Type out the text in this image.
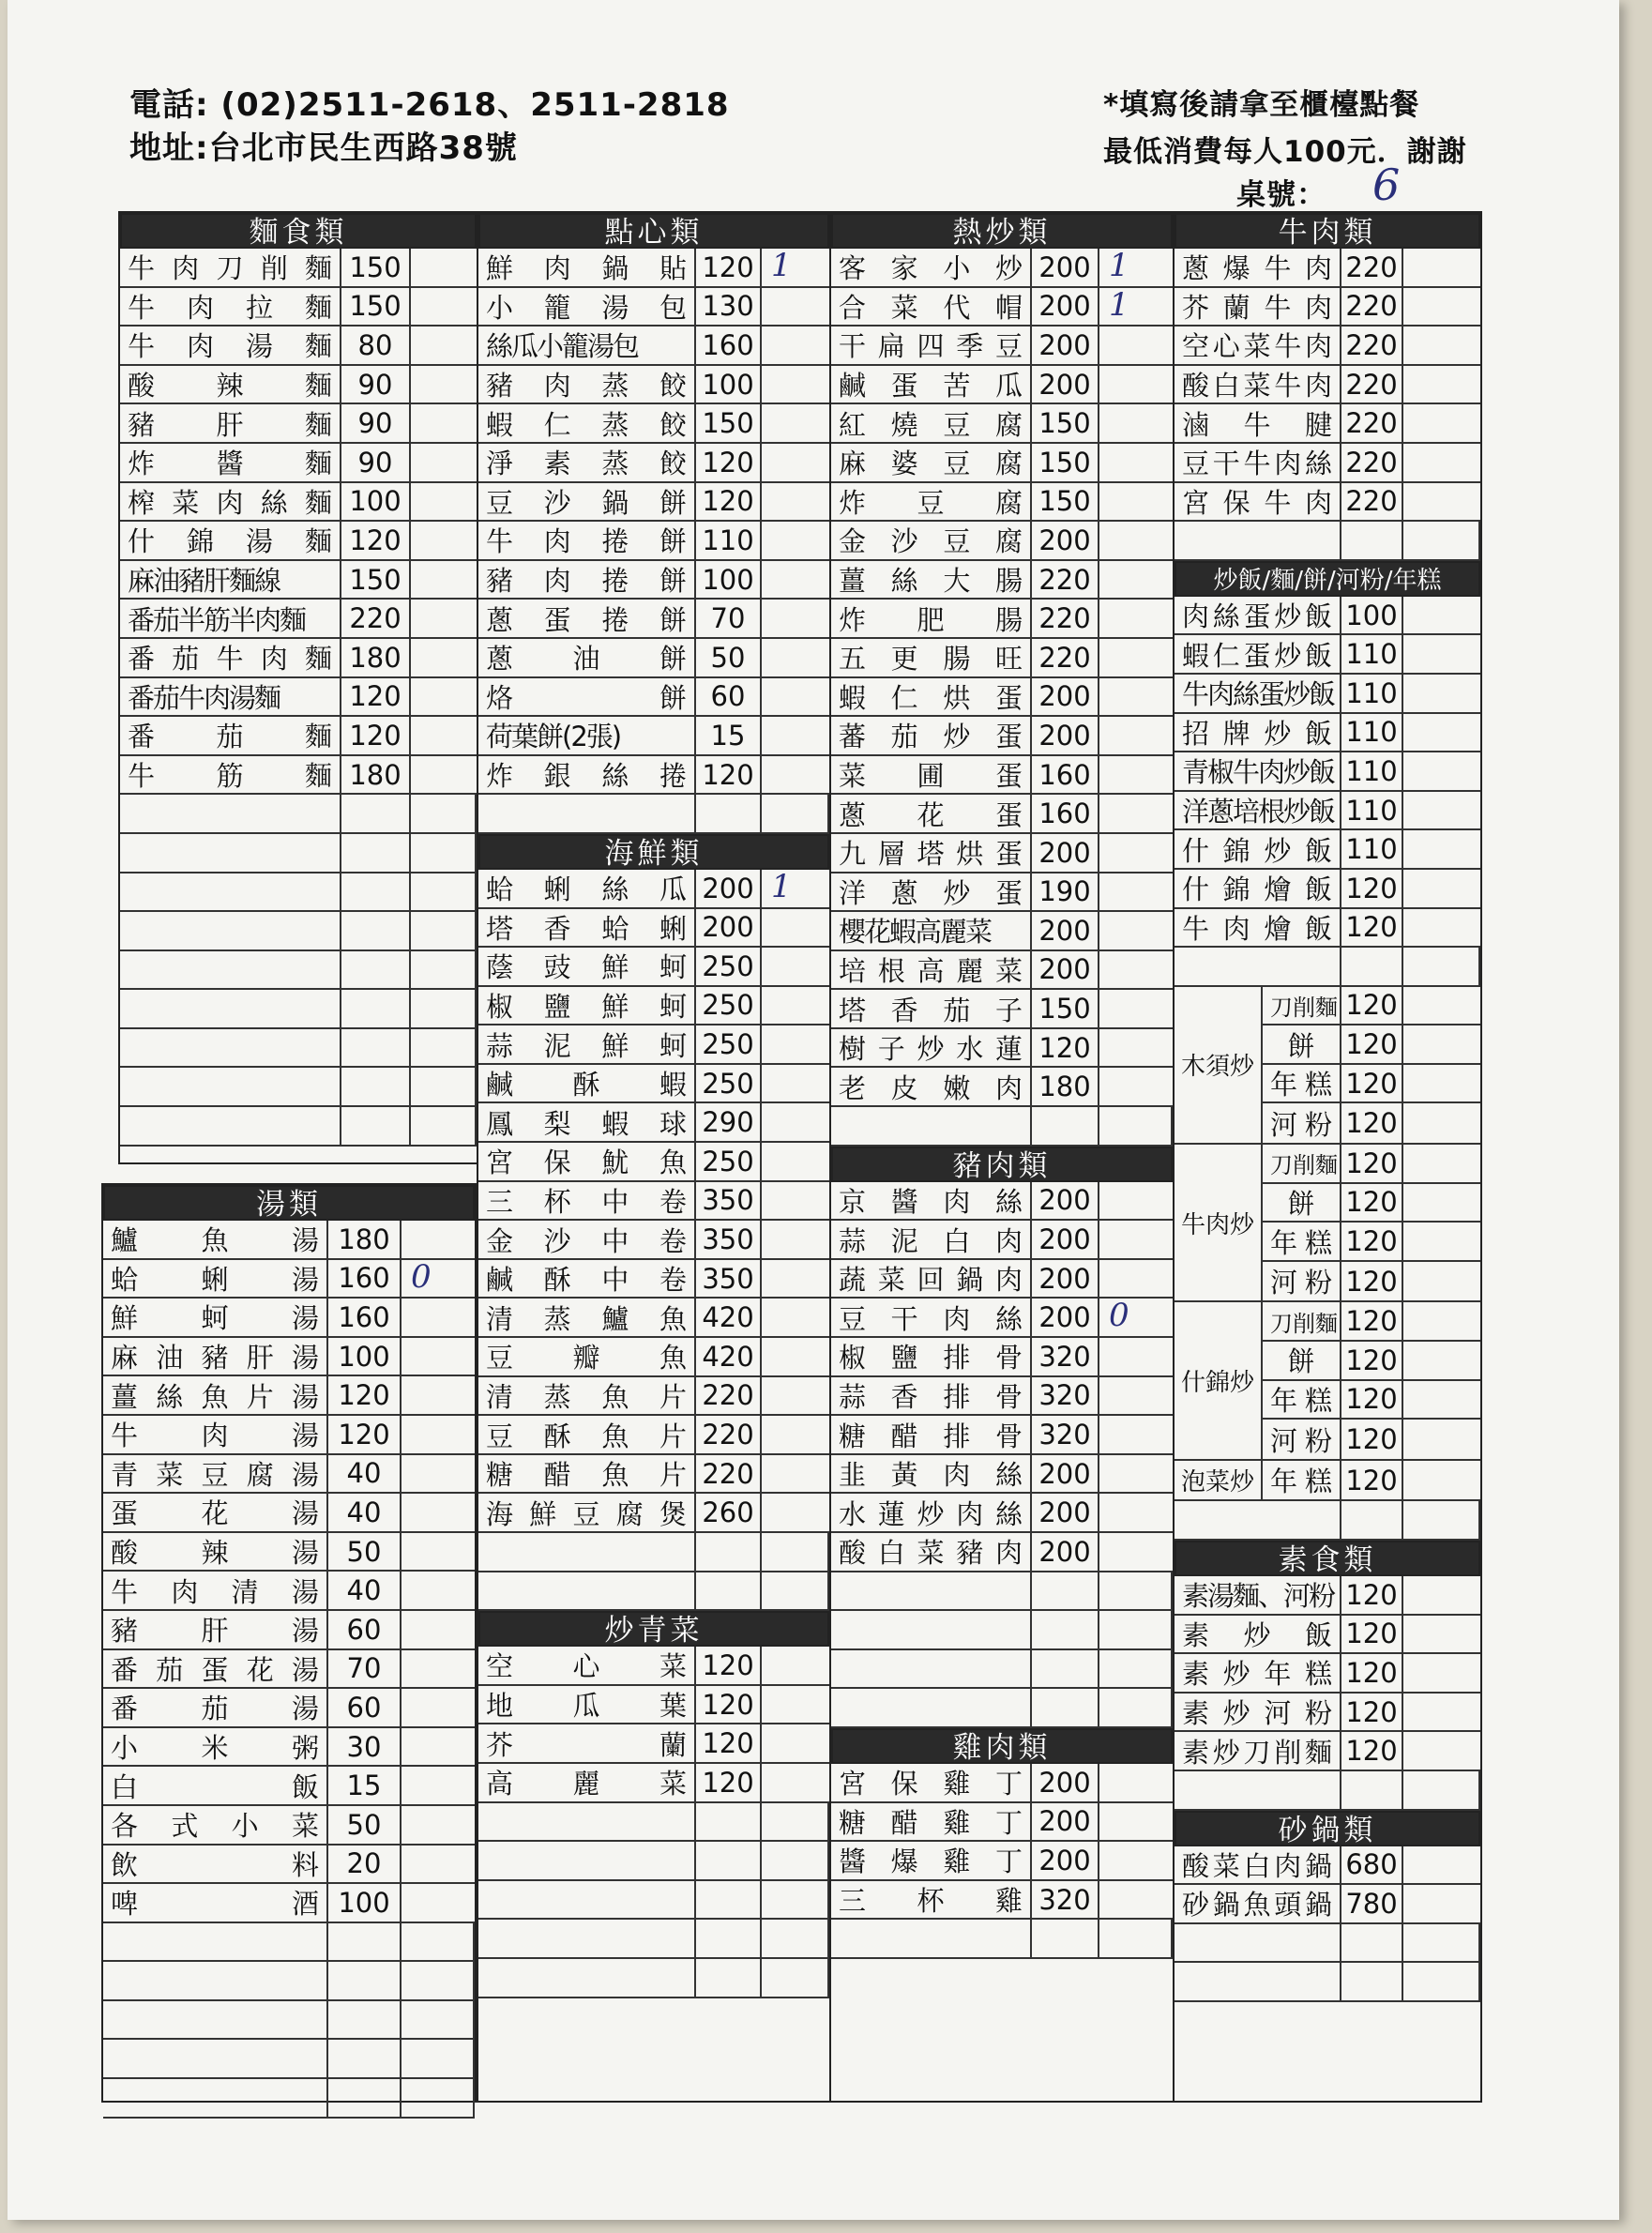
電話: (02)2511-2618、2511-2818
地址:台北市民生西路38號
*填寫後請拿至櫃檯點餐
最低消費每人100元．謝謝
桌號： 6
麵食類
牛 肉 刀 削 麵 150
牛 肉 拉 麵 150
牛 肉 湯 麵 80
酸 辣 麵 90
豬 肝 麵 90
炸 醬 麵 90
榨 菜 肉 絲 麵 100
什 錦 湯 麵 120
麻油豬肝麵線	150
番茄半筋半肉麵 220
番 茄 牛 肉 麵 180
番茄牛肉湯麵	120
番 茄 麵 120
牛 筋 麵 180
湯類
鱸 魚 湯 180
蛤 蜊 湯 160 0
鮮 蚵 湯 160
麻 油 豬 肝 湯 100
薑 絲 魚 片 湯 120
牛 肉 湯 120
青 菜 豆 腐 湯	40
蛋 花 湯	40
酸 辣 湯	50
牛 肉 清 湯	40
豬 肝 湯	60
番 茄 蛋 花 湯	70
番 茄 湯	60
小 米 粥	30
白	飯	15
各 式 小 菜	50
飲	料	20
啤	酒 100
點心類
鮮 肉 鍋 貼 120 1
小 籠 湯 包 130
絲瓜小籠湯包 160
豬 肉 蒸 餃 100
蝦 仁 蒸 餃 150
淨 素 蒸 餃 120
豆 沙 鍋 餅 120
牛 肉 捲 餅 110
豬 肉 捲 餅 100
蔥 蛋 捲 餅 70
蔥 油 餅 50
烙	餅 60
荷葉餅(2張)	15
炸 銀 絲 捲 120
海鮮類
蛤 蜊 絲 瓜 200 1
塔 香 蛤 蜊 200
蔭 豉 鮮 蚵 250
椒 鹽 鮮 蚵 250
蒜 泥 鮮 蚵 250
鹹 酥 蝦 250
鳳 梨 蝦 球 290
宮 保 魷 魚 250
三 杯 中 卷 350
金 沙 中 卷 350
鹹 酥 中 卷 350
清 蒸 鱸 魚 420
豆 瓣 魚 420
清 蒸 魚 片 220
豆 酥 魚 片 220
糖 醋 魚 片 220
海 鮮 豆 腐 煲 260
炒青菜
空 心 菜 120
地 瓜 葉 120
芥	蘭 120
高 麗 菜 120
熱炒類
客 家 小 炒 200 1
合 菜 代 帽 200 1
干 扁 四 季 豆 200
鹹 蛋 苦 瓜 200
紅 燒 豆 腐 150
麻 婆 豆 腐 150
炸 豆 腐 150
金 沙 豆 腐 200
薑 絲 大 腸 220
炸 肥 腸 220
五 更 腸 旺 220
蝦 仁 烘 蛋 200
蕃 茄 炒 蛋 200
菜 圃 蛋 160
蔥 花 蛋 160
九 層 塔 烘 蛋 200
洋 蔥 炒 蛋 190
櫻花蝦高麗菜 200
培 根 高 麗 菜 200
塔 香 茄 子 150
樹 子 炒 水 蓮 120
老 皮 嫩 肉 180
豬肉類
京 醬 肉 絲 200
蒜 泥 白 肉 200
蔬 菜 回 鍋 肉 200
豆 干 肉 絲 200 0
椒 鹽 排 骨 320
蒜 香 排 骨 320
糖 醋 排 骨 320
韭 黃 肉 絲 200
水 蓮 炒 肉 絲 200
酸 白 菜 豬 肉 200
雞肉類
宮 保 雞 丁 200
糖 醋 雞 丁 200
醬 爆 雞 丁 200
三 杯 雞 320
牛肉類
蔥 爆 牛 肉 220
芥 蘭 牛 肉 220
空 心 菜 牛 肉 220
酸 白 菜 牛 肉 220
滷 牛 腱 220
豆 干 牛 肉 絲 220
宮 保 牛 肉 220
炒飯/麵/餅/河粉/年糕
肉 絲 蛋 炒 飯 100
蝦 仁 蛋 炒 飯 110
牛肉絲蛋炒飯 110
招 牌 炒 飯 110
青椒牛肉炒飯 110
洋蔥培根炒飯 110
什 錦 炒 飯 110
什 錦 燴 飯 120
牛 肉 燴 飯 120
木須炒
刀 削 麵 120
餅 120
年 糕 120
河 粉 120
牛肉炒
刀 削 麵 120
餅 120
年 糕 120
河 粉 120
什錦炒
刀 削 麵 120
餅 120
年 糕 120
河 粉 120
泡菜炒 年 糕 120
素食類
素湯麵、河粉 120
素 炒 飯 120
素 炒 年 糕 120
素 炒 河 粉 120
素 炒 刀 削 麵 120
砂鍋類
酸 菜 白 肉 鍋 680
砂 鍋 魚 頭 鍋 780
